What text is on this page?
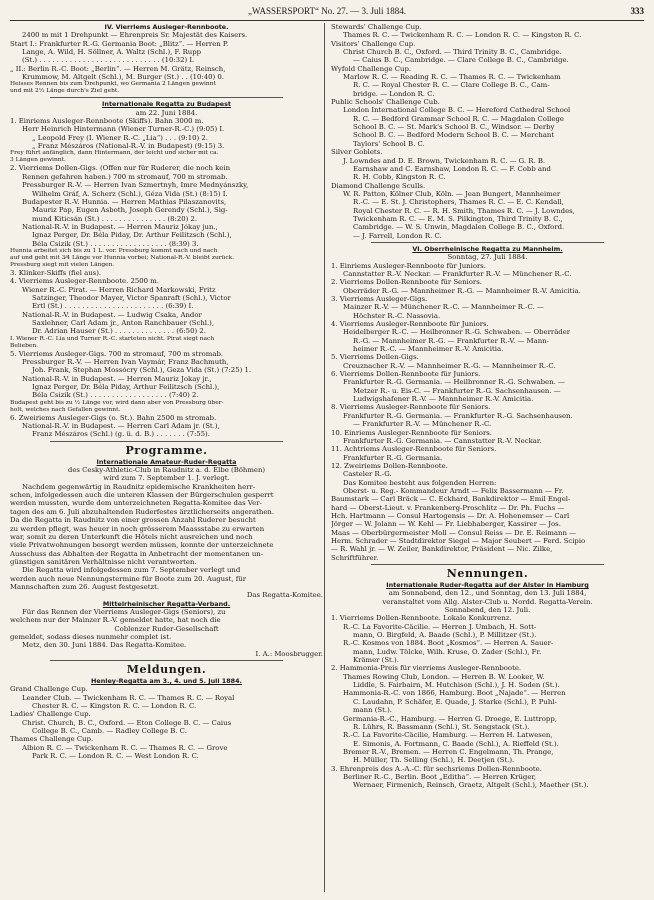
„WASSERSPORT“ No. 27. — 3. Juli 1884.	333
IV. Vierriems Ausleger-Rennboote.
2400 m mit 1 Drehpunkt — Ehrenpreis Sr. Majestät des Kaisers.
Start I.: Frankfurter R.-G. Germania Boot: „Blitz“. — Herren P.
Lange, A. Wild, H. Söllner, A. Waltz (Schl.), F. Rupp
(St.) . . . . . . . . . . . . . . . . . . . . . . . . . . . . (10:32) I.
„ II.: Berlin R.-C. Boot: „Berlin“. — Herren M. Grätz, Reinsch,
Krummow, M. Altgelt (Schl.), M. Burger (St.) . . (10:40) 0.
Heisses Rennen bis zum Drehpunkt, wo Germania 2 Längen gewinnt
und mit 2½ Länge durch's Ziel geht.
Internationale Regatta zu Budapest
am 22. Juni 1884.
1. Einriems Ausleger-Rennboote (Skiffs). Bahn 3000 m.
Herr Heinrich Hintermann (Wiener Turner-R.-C.) (9:05) I.
„ Leopold Frey (I. Wiener R.-C. „Lia“) . . . (9:10) 2.
„ Franz Mészáros (National-R.-V. in Budapest) (9:15) 3.
Frey führt anfänglich, dann Hintermann, der leicht und sicher mit ca.
3 Längen gewinnt.
2. Vierriems Dollen-Gigs. (Offen nur für Ruderer, die noch kein
Rennen gefahren haben.) 700 m stromauf, 700 m stromab.
Pressburger R.-V. — Herren Ivan Szmertnyh, Imre Mednyánszky,
Wilhelm Gráf, A. Scherz (Schl.), Géza Vida (St.) (8:15) I.
Budapester R.-V. Hunnia. — Herren Mathias Pilaszanovits,
Mauriz Pap, Eugen Asboth, Joseph Gerendy (Schl.), Sig-
mund Kiticsán (St.) . . . . . . . . . . . . . . . (8:20) 2.
National-R.-V. in Budapest. — Herren Mauriz Jókay jun.,
Ignaz Perger, Dr. Béla Piday, Dr. Arthur Feilitzsch (Schl.),
Béla Csizik (St.) . . . . . . . . . . . . . . . . . . (8:39) 3.
Hunnia arbeitet sich bis zu 1 L. vor. Pressburg kommt nach und nach
auf und geht mit 3⁄4 Länge vor Hunnia vorbei; National-R.-V. bleibt zurück.
Pressburg siegt mit vielen Längen.
3. Klinker-Skiffs (fiel aus).
4. Vierriems Ausleger-Rennboote. 2500 m.
Wiener R.-C. Pirat. — Herren Richard Markowski, Fritz
Satzinger, Theodor Mayer, Victor Spanraft (Schl.), Victor
Ertl (St.) . . . . . . . . . . . . . . . . . . . . . . . (6:39) I.
National-R.-V. in Budapest. — Ludwig Csaka, Andor
Saxlehner, Carl Adam jr., Anton Ranchbauer (Schl.),
Dr. Adrian Hauser (St.) . . . . . . . . . . . . . . (6:50) 2.
I. Wiener R.-C. Lia und Turner R.-C. starteten nicht. Pirat siegt nach
Belieben.
5. Vierriems Ausleger-Gigs. 700 m stromauf, 700 m stromab.
Pressburger R.-V. — Herren Ivan Vaymár, Franz Bachmuth,
Joh. Frank, Stephan Mossócry (Schl.), Geza Vida (St.) (7:25) 1.
National-R.-V. in Budapest. — Herren Mauriz Jokay jr.,
Ignaz Perger, Dr. Béla Piday, Arthur Feilitzsch (Schl.),
Béla Csizik (St.) . . . . . . . . . . . . . . . . . . (7:40) 2.
Budapest geht bis zu ½ Länge vor, wird dann aber von Pressburg über-
holt, welches nach Gefallen gewinnt.
6. Zweiriems Ausleger-Gigs (o. St.). Bahn 2500 m stromab.
National-R.-V. in Budapest. — Herren Carl Adam jr. (St.),
Franz Mészáros (Schl.) (g. ü. d. B.) . . . . . . . (7:55).
Programme.
Internationale Amateur-Ruder-Regatta
des Cesky-Athletic-Club in Raudnitz a. d. Elbe (Böhmen)
wird zum 7. September 1. J. verlegt.
Nachdem gegenwärtig in Raudnitz epidemische Krankheiten herr-
schen, infolgedessen auch die unteren Klassen der Bürgerschulen gesperrt
werden mussten, wurde dem unterzeichneten Regatta-Komitee das Ver-
tagen des am 6. Juli abzuhaltenden Ruderfestes ärztlicherseits angerathen.
Da die Regatta in Raudnitz von einer grossen Anzahl Ruderer besucht
zu werden pflegt, was heuer in noch grösserem Maassstabe zu erwarten
war, somit zu deren Unterkunft die Hôtels nicht ausreichen und noch
viele Privatwohnungen besorgt werden müssen, konnte der unterzeichnete
Ausschuss das Abhalten der Regatta in Anbetracht der momentanen un-
günstigen sanitären Verhältnisse nicht verantworten.
Die Regatta wird infolgedessen zum 7. September verlegt und
werden auch neue Nennungstermine für Boote zum 20. August, für
Mannschaften zum 26. August festgesetzt.
Das Regatta-Komitee.
Mittelrheinischer Regatta-Verband.
Für das Rennen der Vierriems Ausleger-Gigs (Seniors), zu
welchem nur der Mainzer R.-V. gemeldet hatte, hat noch die
Coblenzer Ruder-Gesellschaft
gemeldet, sodass dieses nunmehr complet ist.
Metz, den 30. Juni 1884. Das Regatta-Komitee.
I. A.: Moosbrugger.
Meldungen.
Henley-Regatta am 3., 4. und 5. Juli 1884.
Grand Challenge Cup.
Leander Club. — Twickenham R. C. — Thames R. C. — Royal
Chester R. C. — Kingston R. C. — London R. C.
Ladies' Challenge Cup.
Christ. Church, B. C., Oxford. — Eton College B. C. — Caius
College B. C., Camb. — Radley College B. C.
Thames Challenge Cup.
Albion R. C. — Twickenham R. C. — Thames R. C. — Grove
Park R. C. — London R. C. — West London R. C.
Stewards' Challenge Cup.
Thames R. C. — Twickenham R. C. — London R. C. — Kingston R. C.
Visitors' Challenge Cup.
Christ Church B. C., Oxford. — Third Trinity B. C., Cambridge.
— Caius B. C., Cambridge. — Clare College B. C., Cambridge.
Wyfold Challenge Cup.
Marlow R. C. — Reading R. C. — Thames R. C. — Twickenham
R. C. — Royal Chester R. C. — Clare College B. C., Cam-
bridge. — London R. C.
Public Schools' Challenge Cub.
London International College B. C. — Hereford Cathedral School
R. C. — Bedford Grammar School R. C. — Magdalen College
School B. C. — St. Mark's School B. C., Windsor. — Derby
School B. C. — Bedford Modern School B. C. — Merchant
Taylors' School B. C.
Silver Goblets.
J. Lowndes and D. E. Brown, Twickenham R. C. — G. R. B.
Earnshaw and C. Earnshaw, London R. C. — F. Cobb and
R. H. Cobb, Kingston R. C.
Diamond Challenge Sculls.
W. R. Patton, Kölner Club, Köln. — Jean Bungert, Mannheimer
R.-C. — E. St. J. Christophers, Thames R. C. — E. C. Kendall,
Royal Chester R. C. — R. H. Smith, Thames R. C. — J. Lowndes,
Twickenham R. C. — E. M. S. Pilkington, Third Trinity B. C.,
Cambridge. — W. S. Unwin, Magdalen College B. C., Oxford.
— J. Farrell, London R. C.
VI. Oberrheinische Regatta zu Mannheim.
Sonntag, 27. Juli 1884.
1. Einriems Ausleger-Rennboote für Juniors.
Cannstatter R.-V. Neckar. — Frankfurter R.-V. — Münchener R.-C.
2. Vierriems Dollen-Rennboote für Seniors.
Oberräder R.-G. — Mannheimer R.-G. — Mannheimer R.-V. Amicitia.
3. Vierriems Ausleger-Gigs.
Mainzer R.-V. — Münchener R.-C. — Mannheimer R.-C. —
Höchster R.-C. Nassovia.
4. Vierriems Ausleger-Rennboote für Juniors.
Heidelberger R.-C. — Heilbronner R.-G. Schwaben. — Oberräder
R.-G. — Mannheimer R.-G. — Frankfurter R.-V. — Mann-
heimer R.-C. — Mannheimer R.-V. Amicitia.
5. Vierriems Dollen-Gigs.
Creuznacher R.-V. — Mannheimer R.-G. — Mannheimer R.-C.
6. Vierriems Dollen-Rennboote für Juniors.
Frankfurter R.-G. Germania. — Heilbronner R.-G. Schwaben. —
Metzer R.- u. Eis-C. — Frankfurter R.-G. Sachsenhausen. —
Ludwigshafener R.-V. — Mannheimer R.-V. Amicitia.
8. Vierriems Ausleger-Rennboote für Seniors.
Frankfurter R.-G. Germania. — Frankfurter R.-G. Sachsenhausen.
— Frankfurter R.-V. — Münchener R.-C.
10. Einriems Ausleger-Rennboote für Seniors.
Frankfurter R.-G. Germania. — Cannstatter R.-V. Neckar.
11. Achtriems Ausleger-Rennboote für Seniors.
Frankfurter R.-G. Germania.
12. Zweiriems Dollen-Rennboote.
Casteler R.-G.
Das Komitee besteht aus folgenden Herren:
Oberst- u. Reg.- Kommandeur Arndt — Felix Bassermann — Fr.
Baumstark — Carl Bräck — C. Eckhard, Bankdirektor — Emil Engel-
hard — Oberst-Lieut. v. Frankenberg-Proschlitz — Dr. Ph. Fuchs —
Hch. Hartmann — Consul Hartogensis — Dr. A. Hohenemser — Carl
Jörger — W. Jolann — W. Kehl — Fr. Liebhaberger, Kassirer — Jos.
Maas — Oberbürgermeister Moll — Consul Reiss — Dr. E. Reimann —
Herm. Schrader — Stadtdirektor Siegel — Major Seubert — Ferd. Scipio
— R. Wahl jr. — W. Zeiler, Bankdirektor, Präsident — Nic. Zilke,
Schriftführer.
Nennungen.
Internationale Ruder-Regatta auf der Alster in Hamburg
am Sonnabend, den 12., und Sonntag, den 13. Juli 1884,
veranstaltet vom Allg. Alster-Club u. Nordd. Regatta-Verein.
Sonnabend, den 12. Juli.
1. Vierriems Dollen-Rennboote. Lokale Konkurrenz.
R.-C. La Favorite-Cäcilie. — Herren J. Umbach, H. Sott-
mann, O. Birgfeld, A. Baade (Schl.), P. Millitzer (St.).
R.-C. Kosmos von 1884. Boot „Kosmos“. — Herren A. Sauer-
mann, Ludw. Tölcke, Wilh. Kruse, O. Zader (Schl.), Fr.
Krämer (St.).
2. Hammonia-Preis für vierriems Ausleger-Rennboote.
Thames Rowing Club, London. — Herren B. W. Looker, W.
Liddle, S. Fairbairn, M. Hutchison (Schl.), J. H. Soden (St.).
Hammonia-R.-C. von 1866, Hamburg. Boot „Najade“. — Herren
C. Laudahn, P. Schäfer, E. Quade, J. Starke (Schl.), P. Puhl-
mann (St.).
Germania-R.-C., Hamburg. — Herren G. Droege, E. Luttropp,
R. Lührs, R. Bassmann (Schl.), St. Sengstack (St.).
R.-C. La Favorite-Cäcilie, Hamburg. — Herren H. Latwesen,
E. Simonis, A. Fortmann, C. Baade (Schl.), A. Rieffeld (St.).
Bremer R.-V., Bremen. — Herren C. Engelmann, Th. Prange,
H. Müller, Th. Selling (Schl.), H. Deetjen (St.).
3. Ehrenpreis des A.-A.-C. für sechsriems Dollen-Rennboote.
Berliner R.-C., Berlin. Boot „Editha“. — Herren Krüger,
Wernaer, Firmenich, Reinsch, Graetz, Altgelt (Schl.), Maether (St.).
